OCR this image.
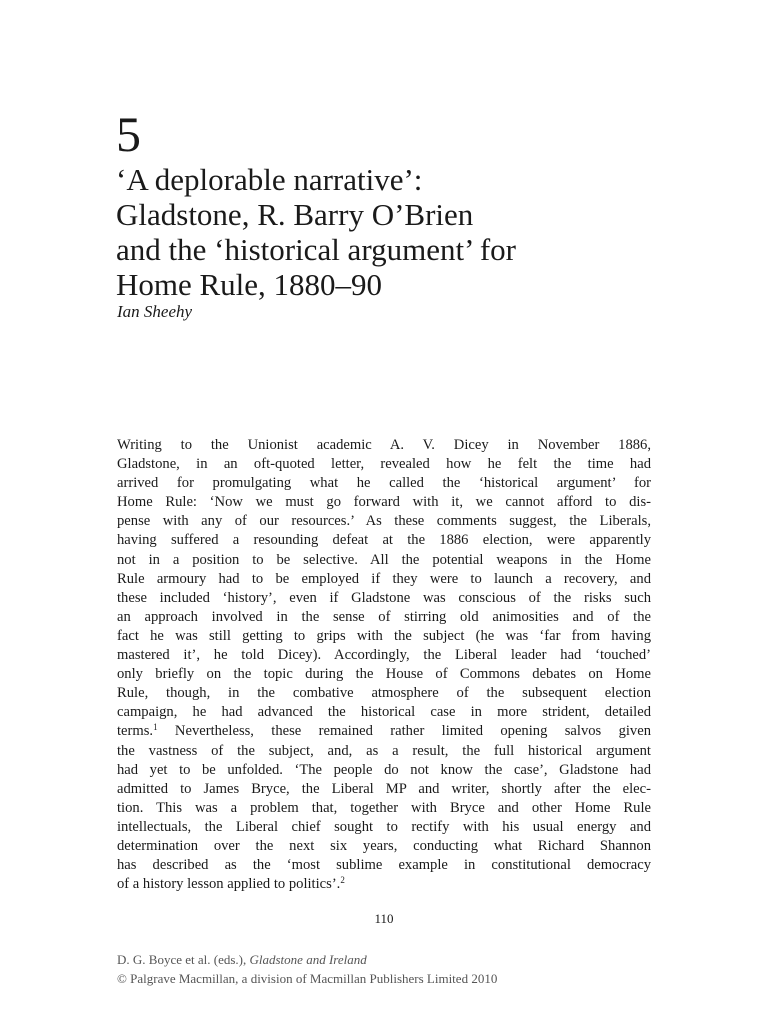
5
‘A deplorable narrative’:
Gladstone, R. Barry O’Brien
and the ‘historical argument’ for
Home Rule, 1880–90
Ian Sheehy

Writing to the Unionist academic A. V. Dicey in November 1886,
Gladstone, in an oft-quoted letter, revealed how he felt the time had
arrived for promulgating what he called the ‘historical argument’ for
Home Rule: ‘Now we must go forward with it, we cannot afford to dis-
pense with any of our resources.’ As these comments suggest, the Liberals,
having suffered a resounding defeat at the 1886 election, were apparently
not in a position to be selective. All the potential weapons in the Home
Rule armoury had to be employed if they were to launch a recovery, and
these included ‘history’, even if Gladstone was conscious of the risks such
an approach involved in the sense of stirring old animosities and of the
fact he was still getting to grips with the subject (he was ‘far from having
mastered it’, he told Dicey). Accordingly, the Liberal leader had ‘touched’
only briefly on the topic during the House of Commons debates on Home
Rule, though, in the combative atmosphere of the subsequent election
campaign, he had advanced the historical case in more strident, detailed
terms.$^1$ Nevertheless, these remained rather limited opening salvos given
the vastness of the subject, and, as a result, the full historical argument
had yet to be unfolded. ‘The people do not know the case’, Gladstone had
admitted to James Bryce, the Liberal MP and writer, shortly after the elec-
tion. This was a problem that, together with Bryce and other Home Rule
intellectuals, the Liberal chief sought to rectify with his usual energy and
determination over the next six years, conducting what Richard Shannon
has described as the ‘most sublime example in constitutional democracy
of a history lesson applied to politics’.$^2$

110
D. G. Boyce et al. (eds.), Gladstone and Ireland
© Palgrave Macmillan, a division of Macmillan Publishers Limited 2010
